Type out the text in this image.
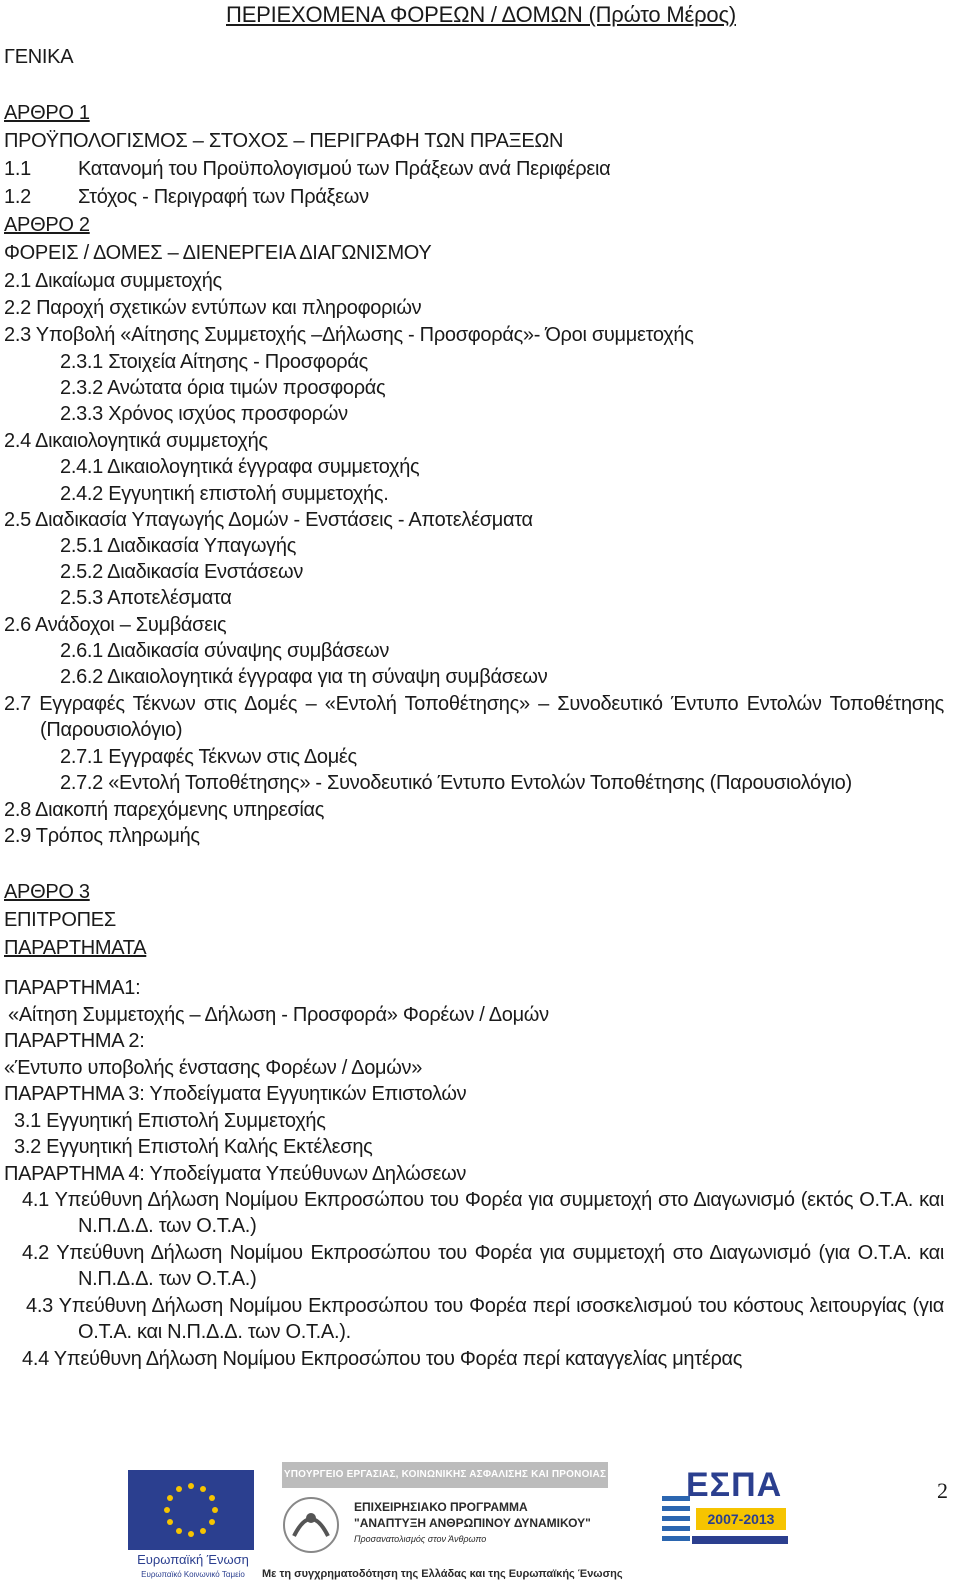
ΠΕΡΙΕΧΟΜΕΝΑ ΦΟΡΕΩΝ / ΔΟΜΩΝ (Πρώτο Μέρος)
ΓΕΝΙΚΑ
ΑΡΘΡΟ 1
ΠΡΟΫΠΟΛΟΓΙΣΜΟΣ – ΣΤΟΧΟΣ – ΠΕΡΙΓΡΑΦΗ ΤΩΝ ΠΡΑΞΕΩΝ
1.1 Κατανομή του Προϋπολογισμού των Πράξεων ανά Περιφέρεια
1.2 Στόχος - Περιγραφή των Πράξεων
ΑΡΘΡΟ 2
ΦΟΡΕΙΣ / ΔΟΜΕΣ – ΔΙΕΝΕΡΓΕΙΑ ΔΙΑΓΩΝΙΣΜΟΥ
2.1 Δικαίωμα συμμετοχής
2.2 Παροχή σχετικών εντύπων και πληροφοριών
2.3 Υποβολή «Αίτησης Συμμετοχής –Δήλωσης - Προσφοράς»- Όροι συμμετοχής
2.3.1 Στοιχεία Αίτησης - Προσφοράς
2.3.2 Ανώτατα όρια τιμών προσφοράς
2.3.3 Χρόνος ισχύος προσφορών
2.4 Δικαιολογητικά συμμετοχής
2.4.1 Δικαιολογητικά έγγραφα συμμετοχής
2.4.2 Εγγυητική επιστολή συμμετοχής.
2.5 Διαδικασία Υπαγωγής Δομών - Ενστάσεις - Αποτελέσματα
2.5.1 Διαδικασία Υπαγωγής
2.5.2 Διαδικασία Ενστάσεων
2.5.3 Αποτελέσματα
2.6 Ανάδοχοι – Συμβάσεις
2.6.1 Διαδικασία σύναψης συμβάσεων
2.6.2 Δικαιολογητικά έγγραφα για τη σύναψη συμβάσεων
2.7 Εγγραφές Τέκνων στις Δομές – «Εντολή Τοποθέτησης» – Συνοδευτικό Έντυπο Εντολών Τοποθέτησης
(Παρουσιολόγιο)
2.7.1 Εγγραφές Τέκνων στις Δομές
2.7.2 «Εντολή Τοποθέτησης» - Συνοδευτικό Έντυπο Εντολών Τοποθέτησης (Παρουσιολόγιο)
2.8 Διακοπή παρεχόμενης υπηρεσίας
2.9 Τρόπος πληρωμής
ΑΡΘΡΟ 3
ΕΠΙΤΡΟΠΕΣ
ΠΑΡΑΡΤΗΜΑΤΑ
ΠΑΡΑΡΤΗΜΑ1:
«Αίτηση Συμμετοχής – Δήλωση - Προσφορά» Φορέων / Δομών
ΠΑΡΑΡΤΗΜΑ 2:
«Έντυπο υποβολής ένστασης Φορέων / Δομών»
ΠΑΡΑΡΤΗΜΑ 3: Υποδείγματα Εγγυητικών Επιστολών
3.1 Εγγυητική Επιστολή Συμμετοχής
3.2 Εγγυητική Επιστολή Καλής Εκτέλεσης
ΠΑΡΑΡΤΗΜΑ 4: Υποδείγματα Υπεύθυνων Δηλώσεων
4.1 Υπεύθυνη Δήλωση Νομίμου Εκπροσώπου του Φορέα για συμμετοχή στο Διαγωνισμό (εκτός Ο.Τ.Α. και
Ν.Π.Δ.Δ. των Ο.Τ.Α.)
4.2 Υπεύθυνη Δήλωση Νομίμου Εκπροσώπου του Φορέα για συμμετοχή στο Διαγωνισμό (για Ο.Τ.Α. και
Ν.Π.Δ.Δ. των Ο.Τ.Α.)
4.3 Υπεύθυνη Δήλωση Νομίμου Εκπροσώπου του Φορέα περί ισοσκελισμού του κόστους λειτουργίας (για
Ο.Τ.Α. και Ν.Π.Δ.Δ. των Ο.Τ.Α.).
4.4 Υπεύθυνη Δήλωση Νομίμου Εκπροσώπου του Φορέα περί καταγγελίας μητέρας
2
Ευρωπαϊκή Ένωση
Ευρωπαϊκό Κοινωνικό Ταμείο
ΥΠΟΥΡΓΕΙΟ ΕΡΓΑΣΙΑΣ, ΚΟΙΝΩΝΙΚΗΣ ΑΣΦΑΛΙΣΗΣ ΚΑΙ ΠΡΟΝΟΙΑΣ
ΕΠΙΧΕΙΡΗΣΙΑΚΟ ΠΡΟΓΡΑΜΜΑ
"ΑΝΑΠΤΥΞΗ ΑΝΘΡΩΠΙΝΟΥ ΔΥΝΑΜΙΚΟΥ"
Προσανατολισμός στον Άνθρωπο
ΕΣΠΑ
2007-2013
Με τη συγχρηματοδότηση της Ελλάδας και της Ευρωπαϊκής Ένωσης
